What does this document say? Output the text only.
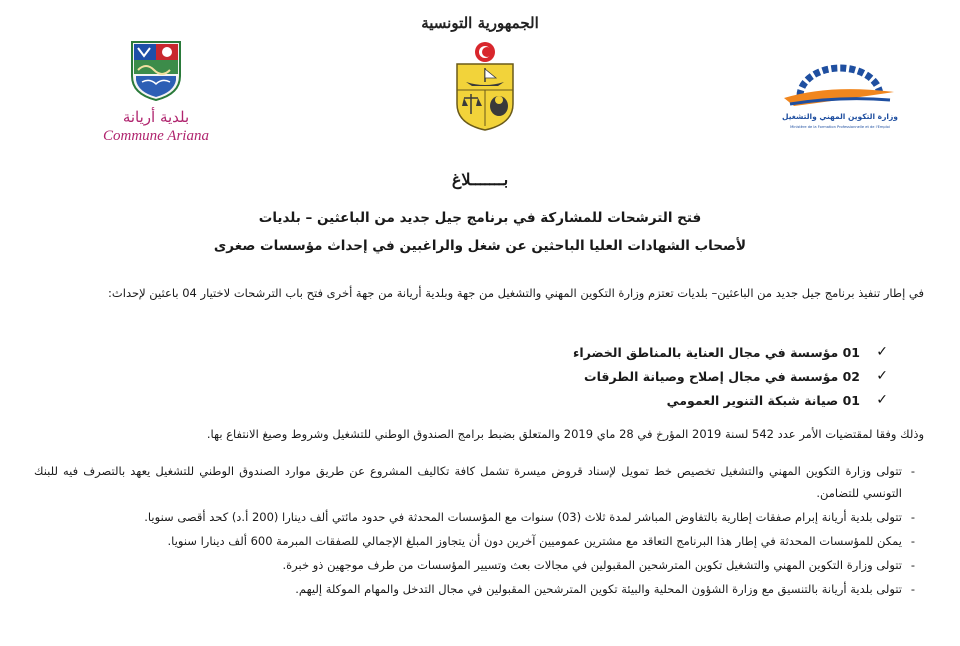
الجمهورية التونسية
بلدية أريانة
Commune Ariana
وزارة التكوين المهني والتشغيل
Ministère de la Formation Professionnelle et de l'Emploi
بـــــــلاغ
فتح الترشحات للمشاركة في برنامج جيل جديد من الباعثين – بلديات
لأصحاب الشهادات العليا الباحثين عن شغل والراغبين في إحداث مؤسسات صغرى
في إطار تنفيذ برنامج جيل جديد من الباعثين– بلديات تعتزم وزارة التكوين المهني والتشغيل من جهة وبلدية أريانة من جهة أخرى فتح باب الترشحات لاختيار 04 باعثين لإحداث:
✓
01 مؤسسة في مجال العناية بالمناطق الخضراء
✓
02 مؤسسة في مجال إصلاح وصيانة الطرقات
✓
01 صيانة شبكة التنوير العمومي
وذلك وفقا لمقتضيات الأمر عدد 542 لسنة 2019 المؤرخ في 28 ماي 2019 والمتعلق بضبط برامج الصندوق الوطني للتشغيل وشروط وصيغ الانتفاع بها.
-
تتولى وزارة التكوين المهني والتشغيل تخصيص خط تمويل لإسناد قروض ميسرة تشمل كافة تكاليف المشروع عن طريق موارد الصندوق الوطني للتشغيل يعهد بالتصرف فيه للبنك التونسي للتضامن.
-
تتولى بلدية أريانة إبرام صفقات إطارية بالتفاوض المباشر لمدة ثلاث (03) سنوات مع المؤسسات المحدثة في حدود مائتي ألف دينارا (200 أ.د) كحد أقصى سنويا.
-
يمكن للمؤسسات المحدثة في إطار هذا البرنامج التعاقد مع مشترين عموميين آخرين دون أن يتجاوز المبلغ الإجمالي للصفقات المبرمة 600 ألف دينارا سنويا.
-
تتولى وزارة التكوين المهني والتشغيل تكوين المترشحين المقبولين في مجالات بعث وتسيير المؤسسات من طرف موجهين ذو خبرة.
-
تتولى بلدية أريانة بالتنسيق مع وزارة الشؤون المحلية والبيئة تكوين المترشحين المقبولين في مجال التدخل والمهام الموكلة إليهم.
